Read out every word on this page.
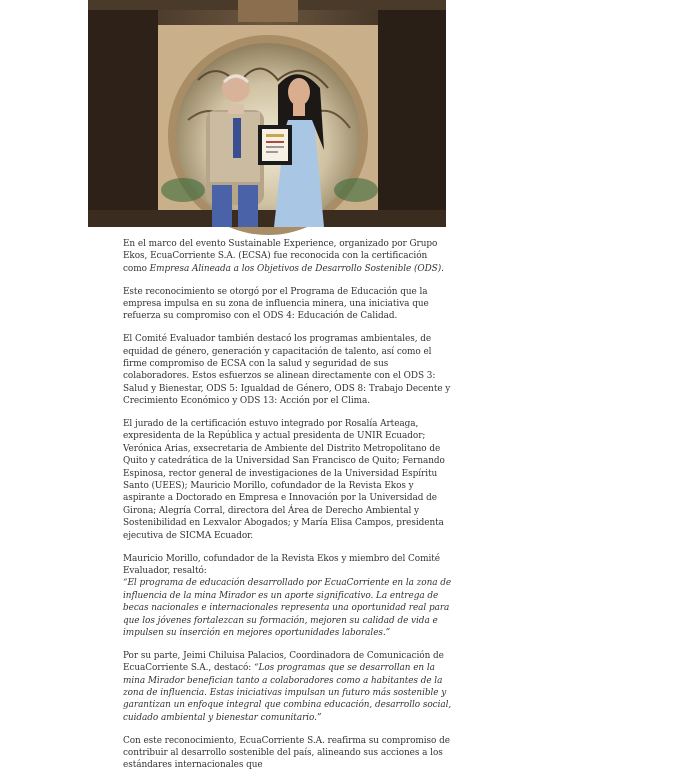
En el marco del evento Sustainable Experience, organizado por Grupo Ekos, EcuaCorriente S.A. (ECSA) fue reconocida con la certificación como Empresa Alineada a los Objetivos de Desarrollo Sostenible (ODS).

Este reconocimiento se otorgó por el Programa de Educación que la empresa impulsa en su zona de influencia minera, una iniciativa que refuerza su compromiso con el ODS 4: Educación de Calidad.

El Comité Evaluador también destacó los programas ambientales, de equidad de género, generación y capacitación de talento, así como el firme compromiso de ECSA con la salud y seguridad de sus colaboradores. Estos esfuerzos se alinean directamente con el ODS 3: Salud y Bienestar, ODS 5: Igualdad de Género, ODS 8: Trabajo Decente y Crecimiento Económico y ODS 13: Acción por el Clima.

El jurado de la certificación estuvo integrado por Rosalía Arteaga, expresidenta de la República y actual presidenta de UNIR Ecuador; Verónica Arias, exsecretaria de Ambiente del Distrito Metropolitano de Quito y catedrática de la Universidad San Francisco de Quito; Fernando Espinosa, rector general de investigaciones de la Universidad Espíritu Santo (UEES); Mauricio Morillo, cofundador de la Revista Ekos y aspirante a Doctorado en Empresa e Innovación por la Universidad de Girona; Alegría Corral, directora del Área de Derecho Ambiental y Sostenibilidad en Lexvalor Abogados; y María Elisa Campos, presidenta ejecutiva de SICMA Ecuador.

Mauricio Morillo, cofundador de la Revista Ekos y miembro del Comité Evaluador, resaltó:
“El programa de educación desarrollado por EcuaCorriente en la zona de influencia de la mina Mirador es un aporte significativo. La entrega de becas nacionales e internacionales representa una oportunidad real para que los jóvenes fortalezcan su formación, mejoren su calidad de vida e impulsen su inserción en mejores oportunidades laborales.”

Por su parte, Jeimi Chiluisa Palacios, Coordinadora de Comunicación de EcuaCorriente S.A., destacó: “Los programas que se desarrollan en la mina Mirador benefician tanto a colaboradores como a habitantes de la zona de influencia. Estas iniciativas impulsan un futuro más sostenible y garantizan un enfoque integral que combina educación, desarrollo social, cuidado ambiental y bienestar comunitario.”

Con este reconocimiento, EcuaCorriente S.A. reafirma su compromiso de contribuir al desarrollo sostenible del país, alineando sus acciones a los estándares internacionales que
